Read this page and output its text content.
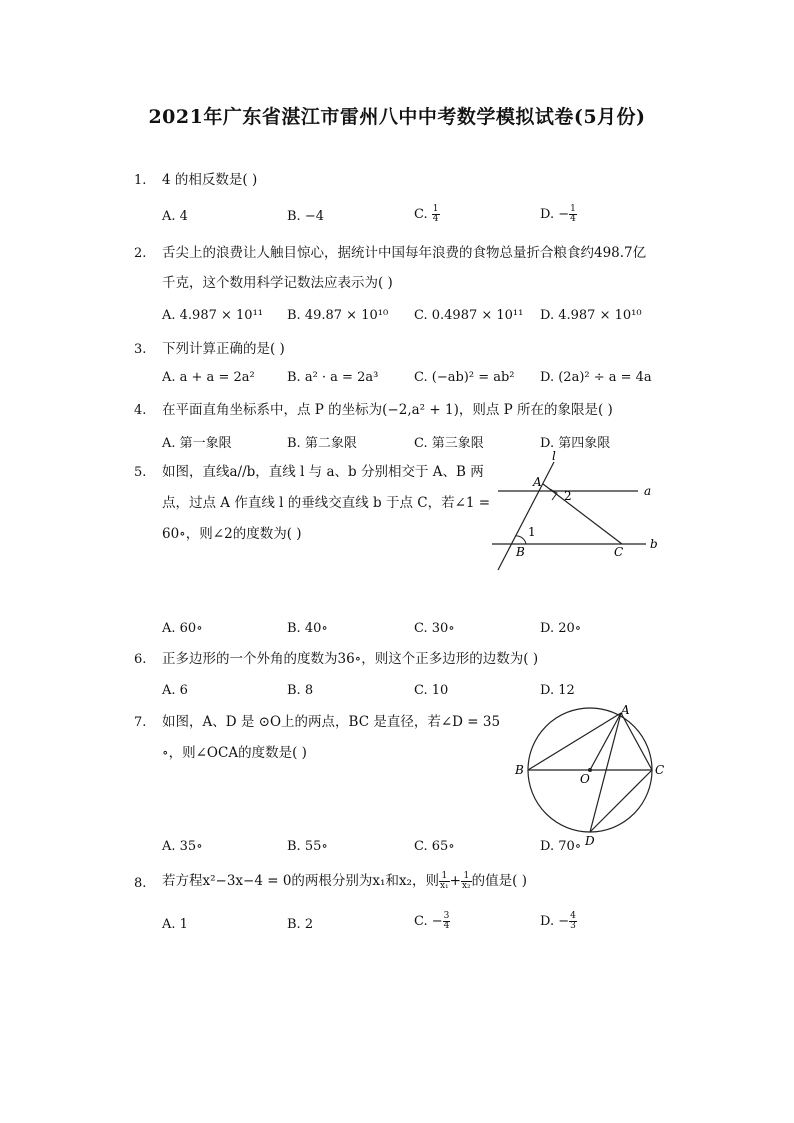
2021年广东省湛江市雷州八中中考数学模拟试卷(5月份)
1. 4 的相反数是( )
A. 4	B. −4	C. $\frac{1}{4}$	D. − $\frac{1}{4}$
2. 舌尖上的浪费让人触目惊心，据统计中国每年浪费的食物总量折合粮食约498.7亿
千克，这个数用科学记数法应表示为( )
A. 4.987 × 10¹¹ B. 49.87 × 10¹⁰ C. 0.4987 × 10¹¹ D. 4.987 × 10¹⁰
3. 下列计算正确的是( )
A. a + a = 2a² B. a² · a = 2a³	C. (−ab)² = ab² D. (2a)² ÷ a = 4a
4. 在平面直角坐标系中，点 P 的坐标为(−2,a² + 1)，则点 P 所在的象限是( )
A. 第一象限	B. 第二象限	C. 第三象限	D. 第四象限
5. 如图，直线a//b，直线 l 与 a、b 分别相交于 A、B 两
点，过点 A 作直线 l 的垂线交直线 b 于点 C，若∠1 =
60∘，则∠2的度数为( )
l
a
b
A
B	C
1
2
A. 60∘	B. 40∘	C. 30∘	D. 20∘
6. 正多边形的一个外角的度数为36∘，则这个正多边形的边数为( )
A. 6	B. 8	C. 10	D. 12
7. 如图，A、D 是 ⊙O上的两点，BC 是直径，若∠D = 35
∘，则∠OCA的度数是( )
A
B	C
D
O
A. 35∘	B. 55∘	C. 65∘	D. 70∘
8. 若方程x²−3x−4 = 0的两根分别为x₁和x₂，则 $\frac{1}{\text{x₁}} + \frac{1}{\text{x₂}}$ 的值是( )
A. 1	B. 2	C. − $\frac{3}{4}$	D. − $\frac{4}{3}$
